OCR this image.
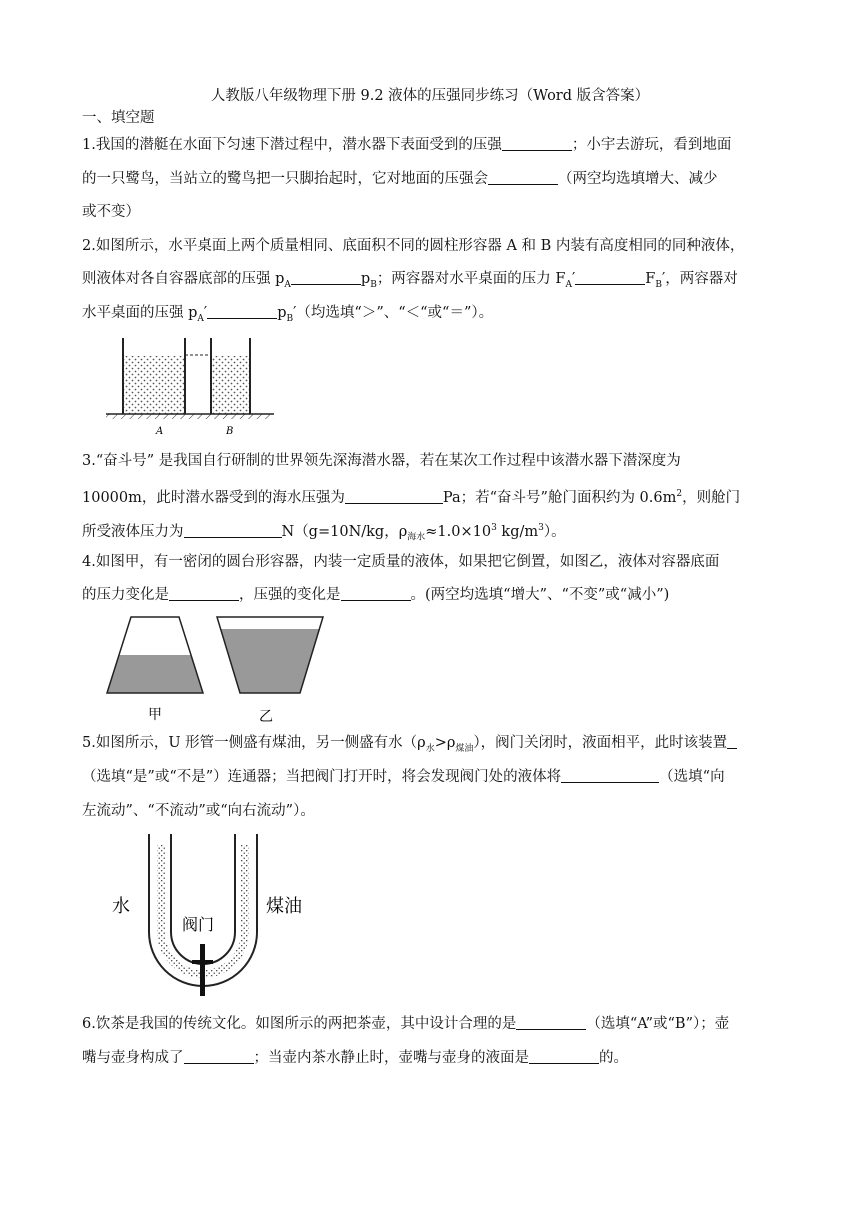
人教版八年级物理下册 9.2 液体的压强同步练习（Word 版含答案）
一、填空题
1.我国的潜艇在水面下匀速下潜过程中，潜水器下表面受到的压强	；小宇去游玩，看到地面
的一只鹭鸟，当站立的鹭鸟把一只脚抬起时，它对地面的压强会	（两空均选填增大、减少
或不变）
2.如图所示，水平桌面上两个质量相同、底面积不同的圆柱形容器 A 和 B 内装有高度相同的同种液体，
则液体对各自容器底部的压强 $p_A$	$p_B$；两容器对水平桌面的压力 $F_A'$	$F_B'$，两容器对
水平桌面的压强 $p_A'$	$p_B'$（均选填“＞”、“＜“或“＝”）。
A	B
3.“奋斗号” 是我国自行研制的世界领先深海潜水器，若在某次工作过程中该潜水器下潜深度为
10000m，此时潜水器受到的海水压强为	Pa；若“奋斗号”舱门面积约为 $0.6m^2$，则舱门
所受液体压力为	N（g=10N/kg，$\rho_{海水}\approx 1.0\times 10^3$ $kg/m^3$）。
4.如图甲，有一密闭的圆台形容器，内装一定质量的液体，如果把它倒置，如图乙，液体对容器底面
的压力变化是	，压强的变化是	。(两空均选填“增大”、“不变”或“减小”)
甲	乙
5.如图所示，U 形管一侧盛有煤油，另一侧盛有水$(\rho_水>\rho_{煤油})$，阀门关闭时，液面相平，此时该装置
（选填“是”或“不是”）连通器；当把阀门打开时，将会发现阀门处的液体将	（选填“向
左流动”、“不流动”或“向右流动”）。
水
阀门
煤油
6.饮茶是我国的传统文化。如图所示的两把茶壶，其中设计合理的是	（选填“A”或“B”）；壶
嘴与壶身构成了	；当壶内茶水静止时，壶嘴与壶身的液面是	的。
